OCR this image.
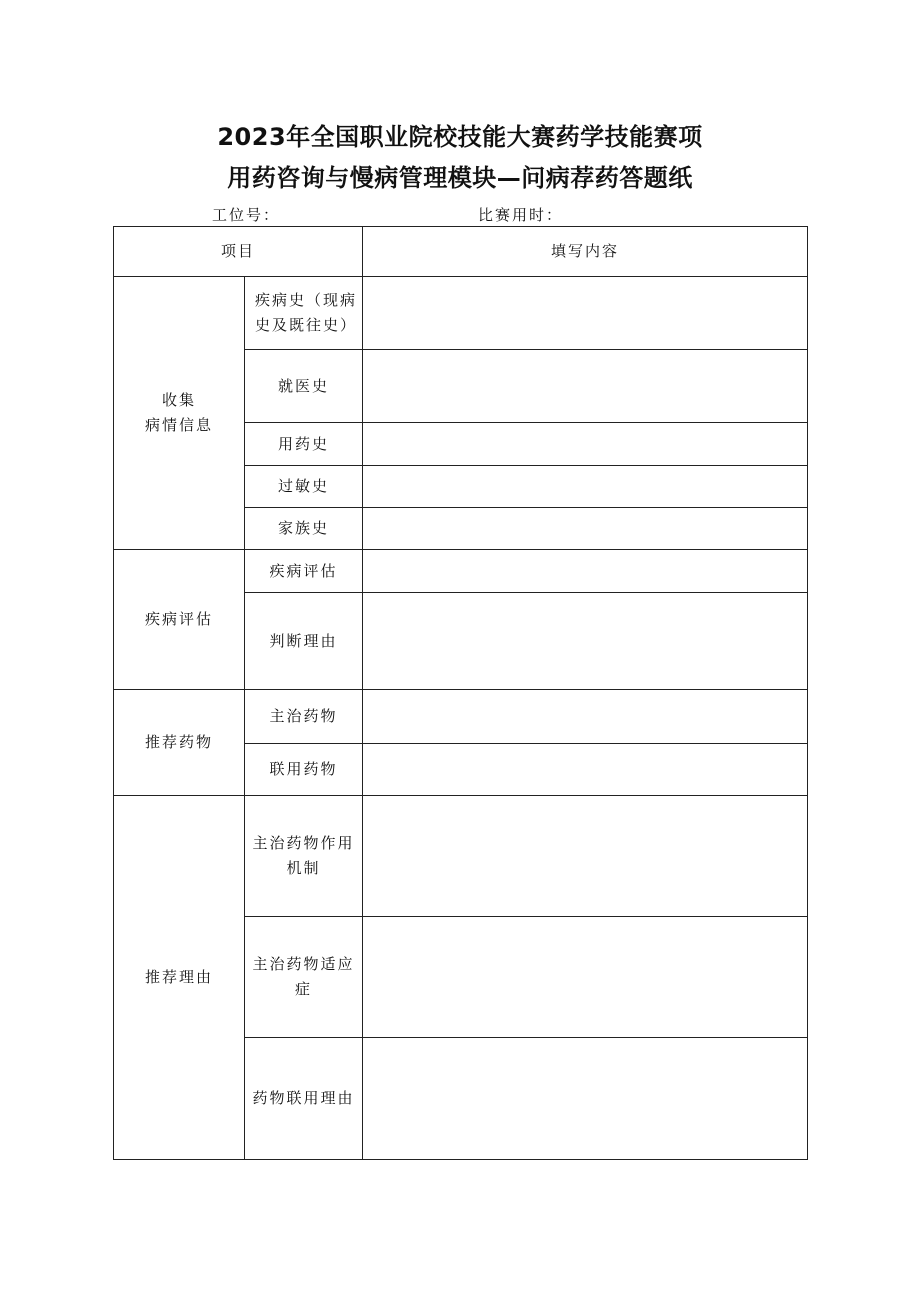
2023年全国职业院校技能大赛药学技能赛项
用药咨询与慢病管理模块—问病荐药答题纸
工位号：	比赛用时：
项目		填写内容
收集
病情信息	疾病史（现病史及既往史）	
	就医史	
	用药史	
	过敏史	
	家族史	
疾病评估	疾病评估	
	判断理由	
推荐药物	主治药物	
	联用药物	
推荐理由	主治药物作用机制	
	主治药物适应症	
	药物联用理由	
